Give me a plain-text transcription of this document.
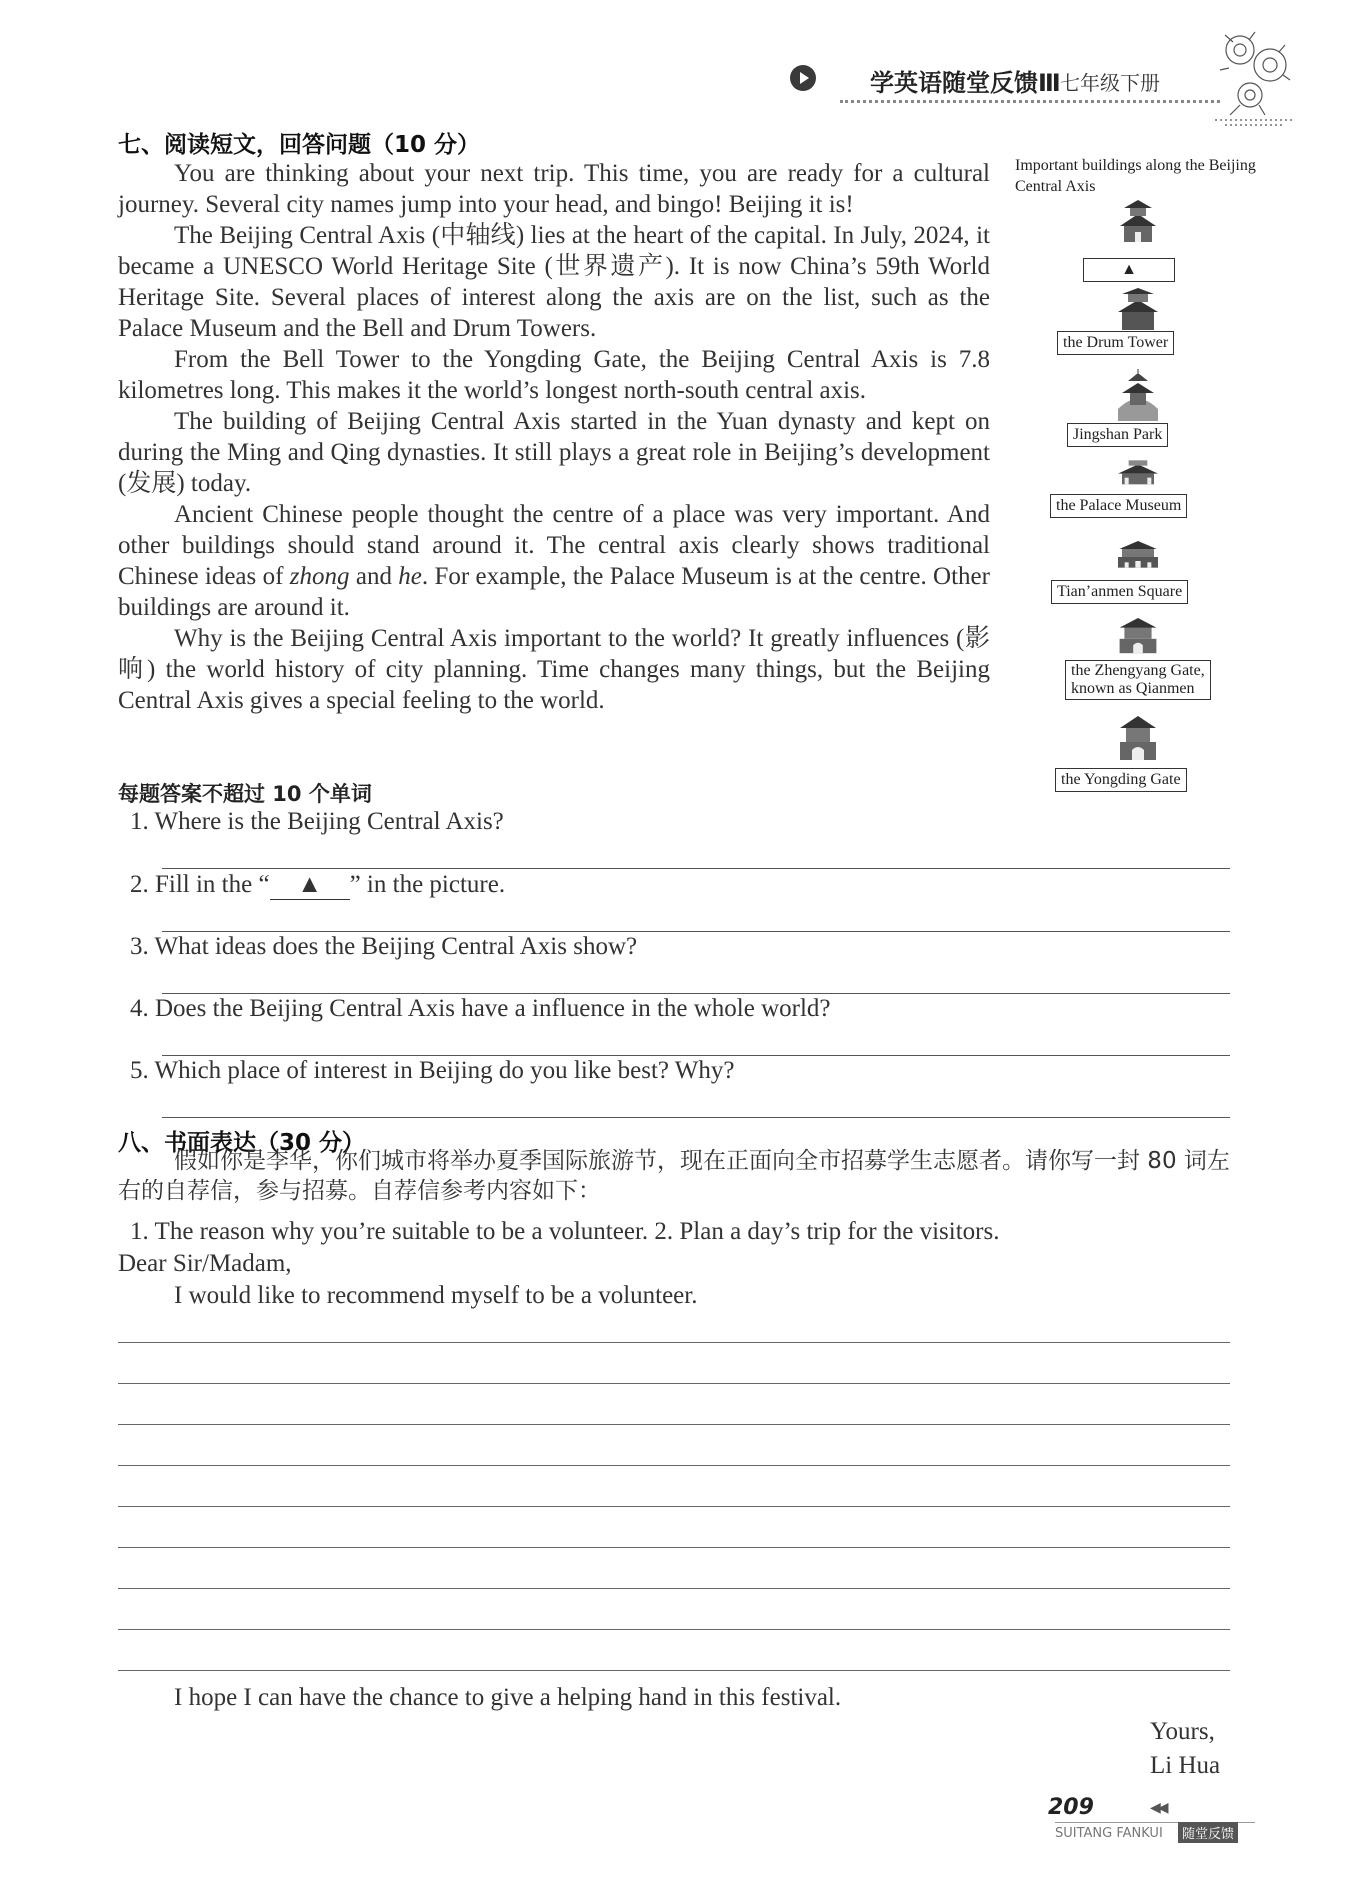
学英语随堂反馈Ⅲ 七年级下册
七、阅读短文，回答问题（10 分）

You are thinking about your next trip. This time, you are ready for a cultural journey. Several city names jump into your head, and bingo! Beijing it is!

The Beijing Central Axis (中轴线) lies at the heart of the capital. In July, 2024, it became a UNESCO World Heritage Site (世界遗产). It is now China’s 59th World Heritage Site. Several places of interest along the axis are on the list, such as the Palace Museum and the Bell and Drum Towers.

From the Bell Tower to the Yongding Gate, the Beijing Central Axis is 7.8 kilometres long. This makes it the world’s longest north-south central axis.

The building of Beijing Central Axis started in the Yuan dynasty and kept on during the Ming and Qing dynasties. It still plays a great role in Beijing’s development (发展) today.

Ancient Chinese people thought the centre of a place was very important. And other buildings should stand around it. The central axis clearly shows traditional Chinese ideas of zhong and he. For example, the Palace Museum is at the centre. Other buildings are around it.

Why is the Beijing Central Axis important to the world? It greatly influences (影响) the world history of city planning. Time changes many things, but the Beijing Central Axis gives a special feeling to the world.

Important buildings along the Beijing Central Axis
▲
the Drum Tower
Jingshan Park
the Palace Museum
Tian’anmen Square
the Zhengyang Gate,
known as Qianmen
the Yongding Gate
每题答案不超过 10 个单词
1. Where is the Beijing Central Axis?
2. Fill in the “ ▲ ” in the picture.
3. What ideas does the Beijing Central Axis show?
4. Does the Beijing Central Axis have a influence in the whole world?
5. Which place of interest in Beijing do you like best? Why?
八、书面表达（30 分）
假如你是李华，你们城市将举办夏季国际旅游节，现在正面向全市招募学生志愿者。请你写一封 80 词左右的自荐信，参与招募。自荐信参考内容如下：
1. The reason why you’re suitable to be a volunteer. 2. Plan a day’s trip for the visitors.
Dear Sir/Madam,
I would like to recommend myself to be a volunteer.
I hope I can have the chance to give a helping hand in this festival.
Yours,
Li Hua
209	◀◀
SUITANG FANKUI	随堂反馈
